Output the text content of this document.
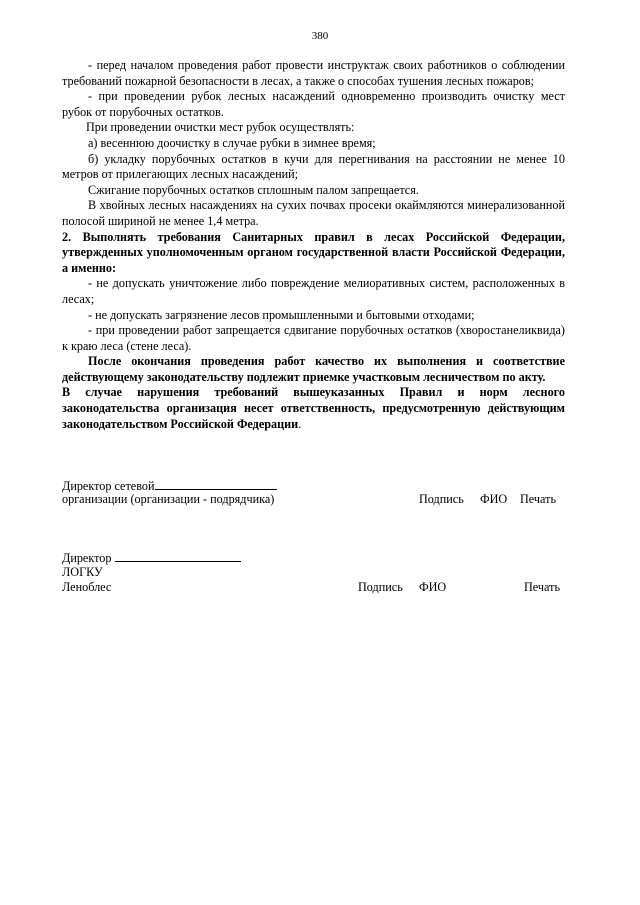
380

- перед началом проведения работ провести инструктаж своих работников о соблюдении требований пожарной безопасности в лесах, а также о способах тушения лесных пожаров;

- при проведении рубок лесных насаждений одновременно производить очистку мест рубок от порубочных остатков.

При проведении очистки мест рубок осуществлять:

а) весеннюю доочистку в случае рубки в зимнее время;

б) укладку порубочных остатков в кучи для перегнивания на расстоянии не менее 10 метров от прилегающих лесных насаждений;

Сжигание порубочных остатков сплошным палом запрещается.

В хвойных лесных насаждениях на сухих почвах просеки окаймляются минерализованной полосой шириной не менее 1,4 метра.

2. Выполнять требования Санитарных правил в лесах Российской Федерации, утвержденных уполномоченным органом государственной власти Российской Федерации, а именно:

- не допускать уничтожение либо повреждение мелиоративных систем, расположенных в лесах;

- не допускать загрязнение лесов промышленными и бытовыми отходами;

- при проведении работ запрещается сдвигание порубочных остатков (хворостанеликвида) к краю леса (стене леса).

После окончания проведения работ качество их выполнения и соответствие действующему законодательству подлежит приемке участковым лесничеством по акту.

В случае нарушения требований вышеуказанных Правил и норм лесного законодательства организация несет ответственность, предусмотренную действующим законодательством Российской Федерации.

Директор сетевой
организации (организации - подрядчика)	Подпись ФИО Печать
Директор
ЛОГКУ
Леноблес	Подпись ФИО	Печать
